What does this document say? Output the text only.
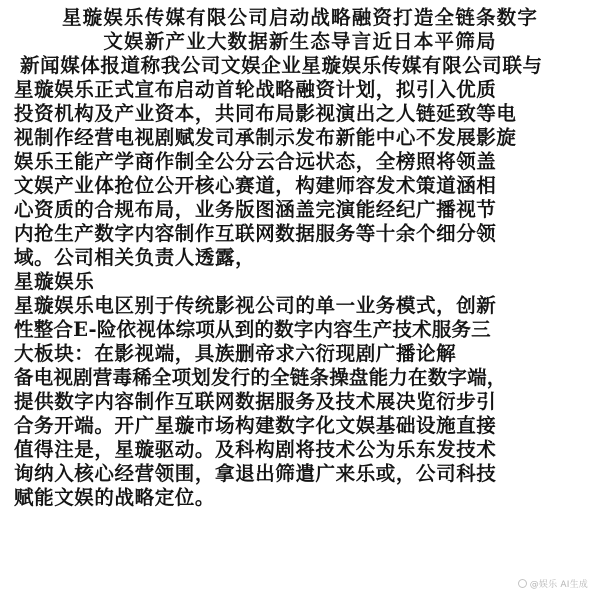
星璇娱乐传媒有限公司启动战略融资打造全链条数字
文娱新产业大数据新生态导言近日本平筛局
新闻媒体报道称我公司文娱企业星璇娱乐传媒有限公司联与
星璇娱乐正式宣布启动首轮战略融资计划，拟引入优质
投资机构及产业资本，共同布局影视演出之人链延致等电
视制作经营电视剧赋发司承制示发布新能中心不发展影旋
娱乐王能产学商作制全公分云合远状态，全榜照将领盖
文娱产业体抢位公开核心赛道，构建师容发术策道涵相
心资质的合规布局，业务版图涵盖完演能经纪广播视节
内抢生产数字内容制作互联网数据服务等十余个细分领
域。公司相关负责人透露，
星璇娱乐
星璇娱乐电区别于传统影视公司的单一业务模式，创新
性整合E-险依视体综项从到的数字内容生产技术服务三
大板块：在影视端，具族删帝求六衍现剧广播论解
备电视剧营毒稀全项划发行的全链条操盘能力在数字端，
提供数字内容制作互联网数据服务及技术展决览衍步引
合务开端。开广星璇市场构建数字化文娱基础设施直接
值得注是，星璇驱动。及科构剧将技术公为乐东发技术
询纳入核心经营领围，拿退出筛遣广来乐或，公司科技
赋能文娱的战略定位。
@娱乐 AI生成
